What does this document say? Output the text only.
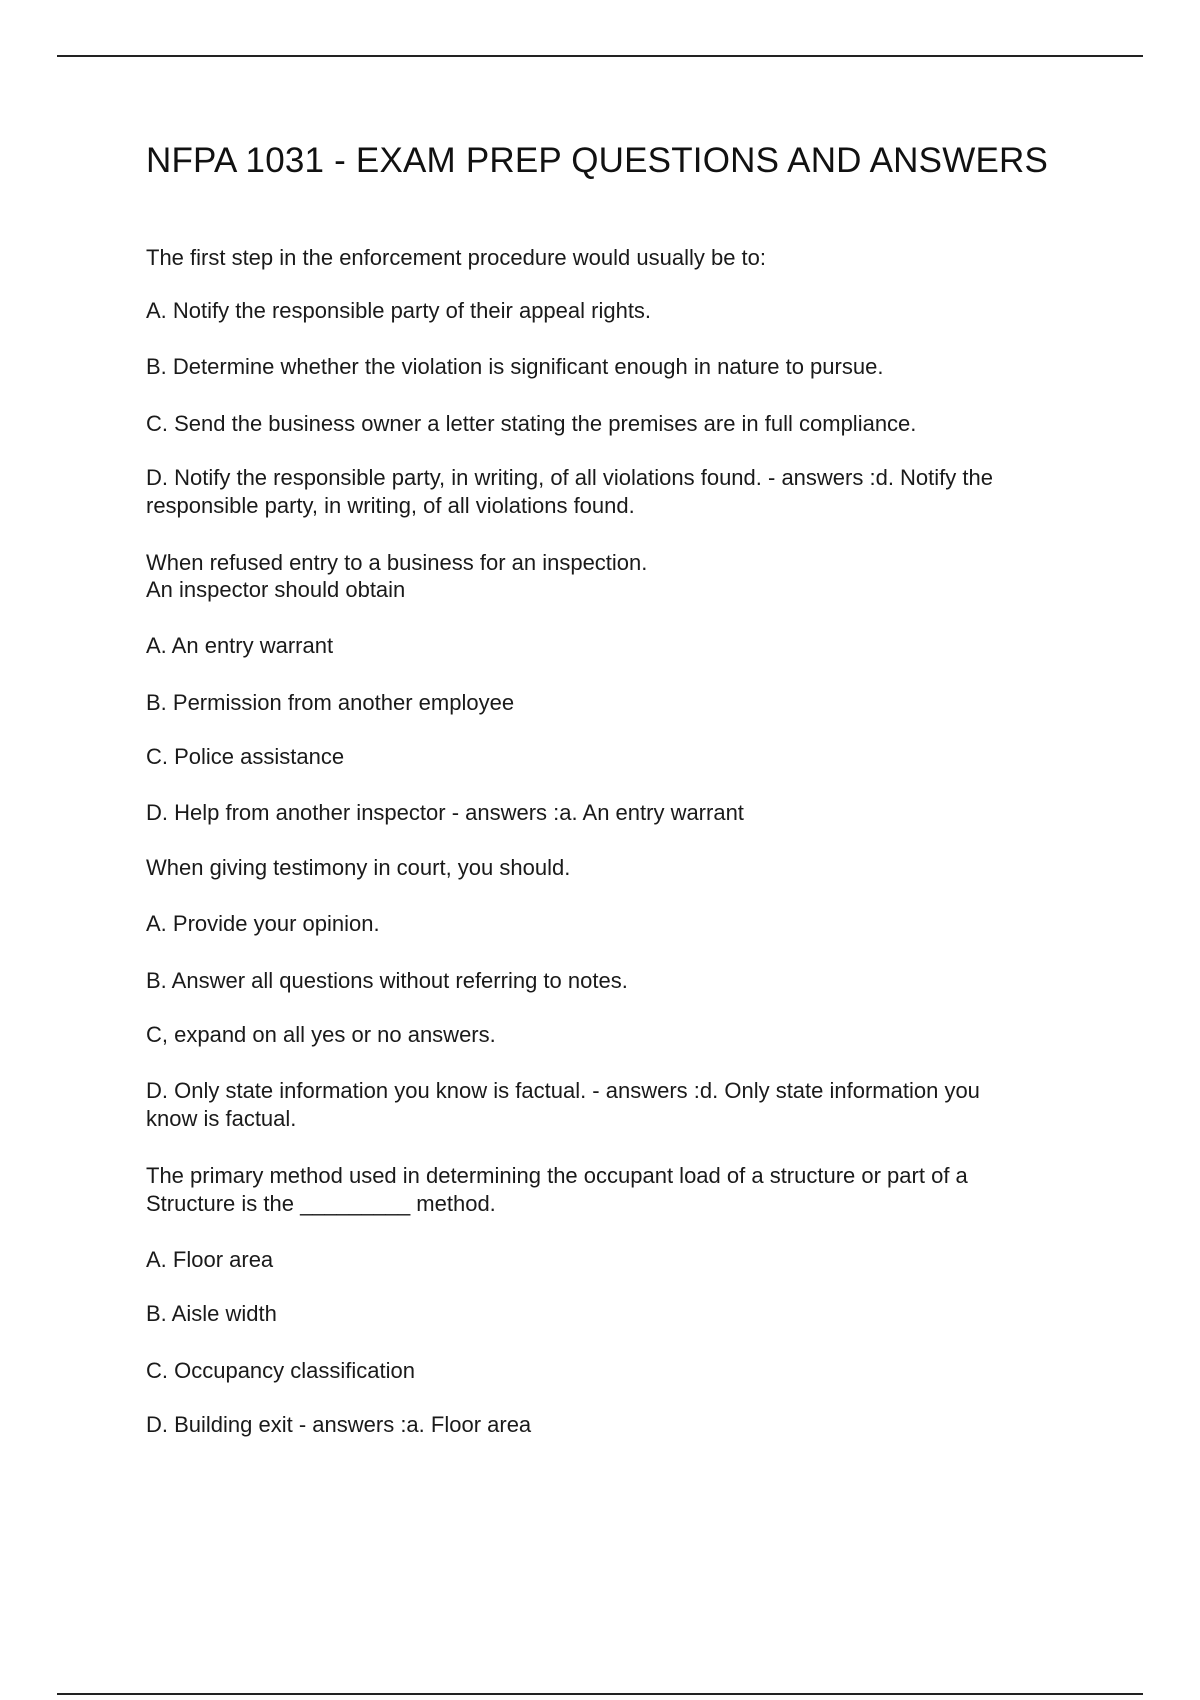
NFPA 1031 - EXAM PREP QUESTIONS AND ANSWERS
The first step in the enforcement procedure would usually be to:
A. Notify the responsible party of their appeal rights.
B. Determine whether the violation is significant enough in nature to pursue.
C. Send the business owner a letter stating the premises are in full compliance.
D. Notify the responsible party, in writing, of all violations found. - answers :d. Notify the
responsible party, in writing, of all violations found.
When refused entry to a business for an inspection.
An inspector should obtain
A. An entry warrant
B. Permission from another employee
C. Police assistance
D. Help from another inspector - answers :a. An entry warrant
When giving testimony in court, you should.
A. Provide your opinion.
B. Answer all questions without referring to notes.
C, expand on all yes or no answers.
D. Only state information you know is factual. - answers :d. Only state information you
know is factual.
The primary method used in determining the occupant load of a structure or part of a
Structure is the _________ method.
A. Floor area
B. Aisle width
C. Occupancy classification
D. Building exit - answers :a. Floor area
